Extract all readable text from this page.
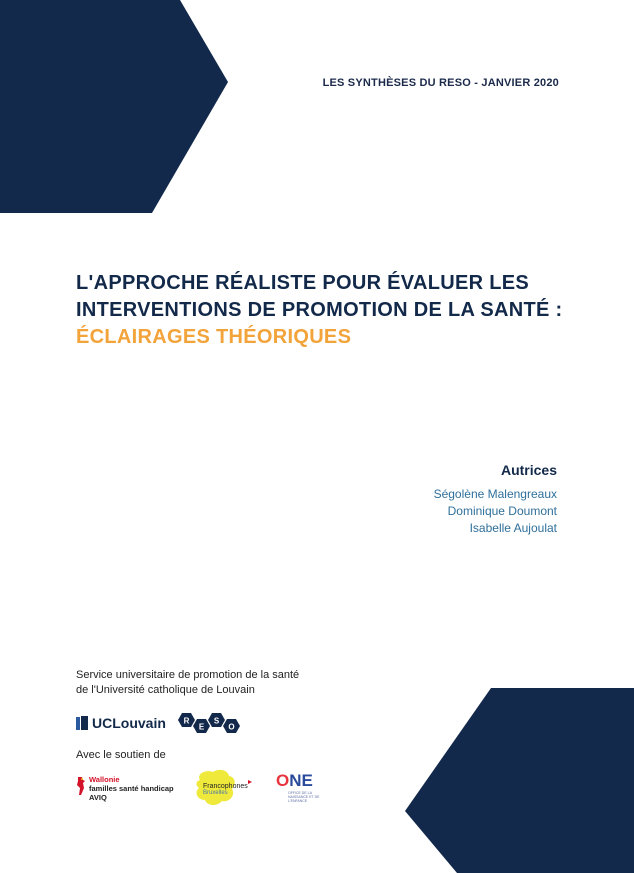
LES SYNTHÈSES DU RESO - JANVIER 2020
L'APPROCHE RÉALISTE POUR ÉVALUER LES INTERVENTIONS DE PROMOTION DE LA SANTÉ : ÉCLAIRAGES THÉORIQUES
Autrices
Ségolène Malengreaux
Dominique Doumont
Isabelle Aujoulat
Service universitaire de promotion de la santé
de l'Université catholique de Louvain
UCLouvain R
E
S
O
Avec le soutien de
Wallonie
familles santé handicap
AVIQ
Francophones
Bruxelles
ONE
OFFICE DE LA NAISSANCE ET DE L'ENFANCE
